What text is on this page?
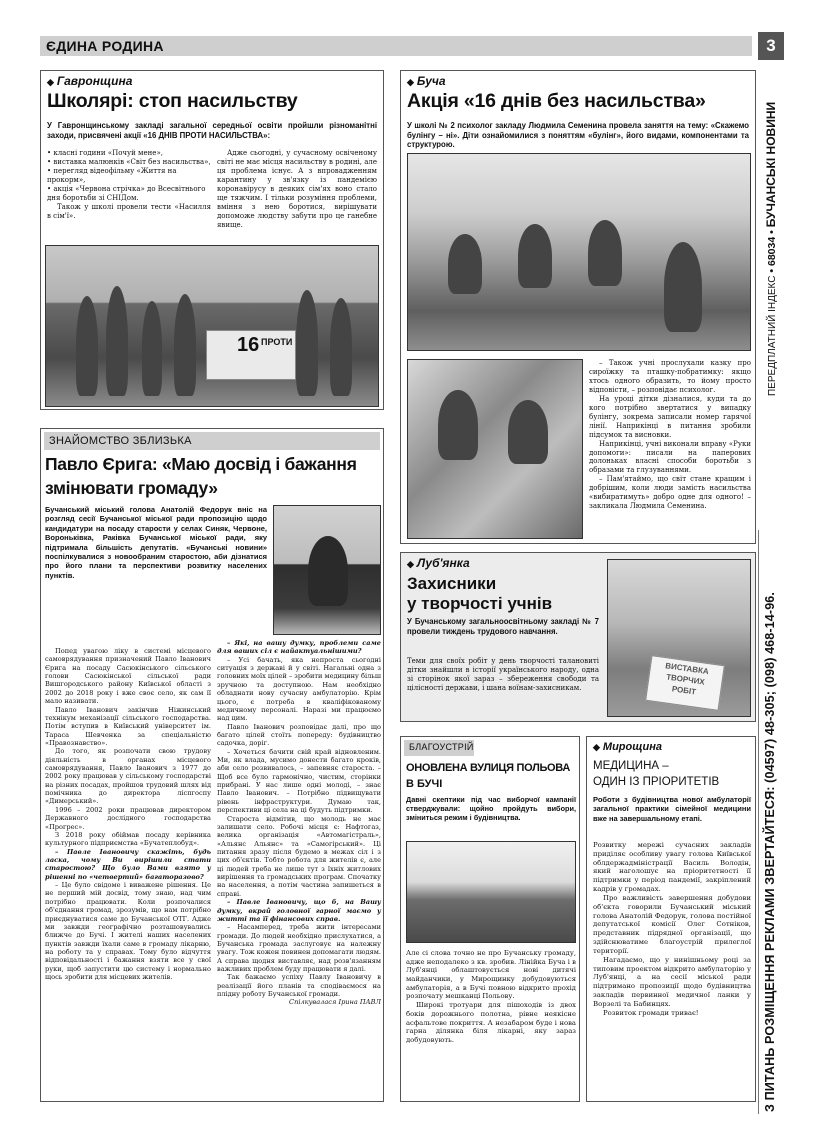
ЄДИНА РОДИНА	3
ПЕРЕДПЛАТНИЙ ІНДЕКС • 68034 • БУЧАНСЬКІ НОВИНИ
З ПИТАНЬ РОЗМІЩЕННЯ РЕКЛАМИ ЗВЕРТАЙТЕСЯ: (04597) 48-305; (098) 468-14-96.
◆ Гавронщина
Школярі: стоп насильству
У Гавронщинському закладі загальної середньої освіти пройшли різноманітні заходи, присвячені акції «16 ДНІВ ПРОТИ НАСИЛЬСТВА»:
• класні години «Почуй мене»,
• виставка малюнків «Світ без насильства»,
• перегляд відеофільму «Життя на прокорм»,
• акція «Червона стрічка» до Всесвітнього дня боротьби зі СНІДом.

Також у школі провели тести «Насилля в сім'ї».

Адже сьогодні, у сучасному освіченому світі не має місця насильству в родині, але ця проблема існує. А з впровадженням карантину у зв'язку із пандемією коронавірусу в деяких сім'ях воно стало ще тяжчим. І тільки розуміння проблеми, вміння з нею боротися, вирішувати допоможе людству забути про це ганебне явище.

16 ПРОТИ
◆ Буча
Акція «16 днів без насильства»
У школі № 2 психолог закладу Людмила Семенина провела заняття на тему: «Скажемо булінгу – ні». Діти ознайомилися з поняттям «булінг», його видами, компонентами та структурою.

– Також учні прослухали казку про сироїжку та пташку-побратимку: якщо хтось одного образить, то йому просто відповісти, – розповідає психолог.

На уроці дітки дізналися, куди та до кого потрібно звертатися у випадку булінгу, зокрема записали номер гарячої лінії. Наприкінці в питання зробили підсумок та висновки.

Наприкінці, учні виконали вправу «Руки допомоги»: писали на паперових долоньках власні способи боротьби з образами та глузуваннями.

– Пам'ятаймо, що світ стане кращим і добрішим, коли люди замість насильства «вибиратимуть» добро одне для одного! – закликала Людмила Семенина.

ЗНАЙОМСТВО ЗБЛИЗЬКА
Павло Єрига: «Маю досвід і бажання
змінювати громаду»
Бучанський міський голова Анатолій Федорук вніс на розгляд сесії Бучанської міської ради пропозицію щодо кандидатури на посаду старости у селах Синяк, Червоне, Вороньківка, Раківка Бучанської міської ради, яку підтримала більшість депутатів. «Бучанські новини» поспілкувалися з новообраним старостою, аби дізнатися про його плани та перспективи розвитку населених пунктів.

Попед увагою ліку в системі місцевого самоврядування призначений Павло Іванович Єрига на посаду Сасюкінського сільського голови Сасюкінської сільської ради Вишгородського району Київської області з 2002 до 2018 року і вже своє село, як сам її мало називати.

Павло Іванович закінчив Ніжинський технікум механізації сільського господарства. Потім вступив в Київський університет ім. Тараса Шевченка за спеціальністю «Правознавство».

До того, як розпочати свою трудову діяльність в органах місцевого самоврядування, Павло Іванович з 1977 до 2002 року працював у сільському господарстві на різних посадах, пройшов трудовий шлях від помічника до директора ліспгоспу «Димерський».

1996 – 2002 роки працював директором Державного дослідного господарства «Прогрес».

З 2018 року обіймав посаду керівника культурного підприємства «Бучатеплобуд».

– Павле Івановичу скажіть, будь ласка, чому Ви вирішили стати старостою? Що було Вами взято у рішенні по «четвертий» багаторазово?

– Це було свідоме і виважене рішення. Це не перший мій досвід, тому знаю, над чим потрібно працювати. Коли розпочалися об'єднання громад, зрозумів, що нам потрібно приєднуватися саме до Бучанської ОТГ. Адже ми завжди географічно розташовувались ближче до Бучі. І жителі наших населених пунктів завжди їхали саме в громаду лікарню, на роботу та у справах. Тому було відчуття відповідальності і бажання взяти все у свої руки, щоб запустити цю систему і нормально щось зробити для місцевих жителів.

– Які, на вашу думку, проблеми саме для ваших сіл є найактуальнішими?

– Усі бачать, яка непроста сьогодні ситуація з державі й у світі. Нагальні одна з головних моїх цілей – зробити медицину більш зручною та доступною. Нам необхідно обладнати нову сучасну амбулаторію. Крім цього, є потреба в кваліфікованому медичному персоналі. Наразі ми працюємо над цим.

Павло Іванович розповідає далі, про що багато цілей стоїть попереду: будівництво садочка, доріг.

– Хочеться бачити свій край відновленим. Ми, як влада, мусимо донести багато кроків, аби село розвивалось, – запевняє староста. – Щоб все було гармонічно, чистим, сторінки прибрані. У нас лише одні молоді, – знає Павло Іванович. – Потрібно підвищувати рівень інфраструктури. Думаю так, перспективи ці села на ці будуть підтримки.

Староста відмітив, що молодь не має залишати село. Робочі місця є: Нафтогаз, велика організація «Автомагістраль», «Альянс Альянс» та «Самогірський». Ці питання зразу після будемо в межах сіл і з цих об'єктів. Тобто робота для жителів є, але ці людей треба не лише тут з їхніх житлових вирішення та громадських програм. Спочатку на населення, а потім частина запишеться в справі.

– Павле Івановичу, що б, на Вашу думку, вкрай головної гарної маємо у житті та її фінансових справ.

– Насамперед, треба жити інтересами громади. До людей необхідно прислухатися, а Бучанська громада заслуговує на належну увагу. Тож кожен повинен допомагати людям. А справа щодня виставляє, над розв'язанням важливих проблем буду працювати я далі.

Так бажаємо успіху Павлу Івановичу в реалізації його планів та сподіваємося на плідну роботу Бучанської громади.

Спілкувалася Ірина ПАВЛ

◆ Луб'янка
Захисники
у творчості учнів
У Бучанському загальноосвітньому закладі № 7 провели тиждень трудового навчання.

Теми для своїх робіт у день творчості талановиті дітки знайшли в історії українського народу, одна зі сторінок якої зараз – збереження свободи та цілісності держави, і шана воїнам-захисникам.

ВИСТАВКА
ТВОРЧИХ
РОБІТ
БЛАГОУСТРІЙ
ОНОВЛЕНА ВУЛИЦЯ ПОЛЬОВА
В БУЧІ
Давні скептики під час виборчої кампанії стверджували: щойно пройдуть вибори, зміниться режим і будівництва.

Але сі слова точно не про Бучанську громаду, адже неподалеко з кв. зробив. Лінійка Буча і в Луб'янці облаштовується нові дитячі майданчики, у Мирощинку добудовуються амбулаторія, а в Бучі повною відкрито прохід розпочату мешканці Польову.

Широкі тротуари для пішоходів із двох боків дорожнього полотна, рівне неякісне асфальтове покриття. А незабаром буде і нова гарна ділянка біля лікарні, яку зараз добудовують.

◆ Мирощина
МЕДИЦИНА –
ОДИН ІЗ ПРІОРИТЕТІВ
Роботи з будівництва нової амбулаторії загальної практики сімейної медицини вже на завершальному етапі.

Розвитку мережі сучасних закладів приділяє особливу увагу голова Київської облдержадміністрації Василь Володін, який наголошує на пріоритетності її підтримки у період пандемії, закріплений кадрів у громадах.

Про важливість завершення добудови об'єкта говорили Бучанський міський голова Анатолій Федорук, голова постійної депутатської комісії Олег Сотніков, представник підрядної організації, що здійснюватиме благоустрій прилеглої території.

Нагадаємо, що у нинішньому році за типовим проектом відкрито амбулаторію у Луб'янці, а на сесії міської ради підтримано пропозиції щодо будівництва закладів первинної медичної ланки у Ворзелі та Бабинцях.

Розвиток громади триває!
